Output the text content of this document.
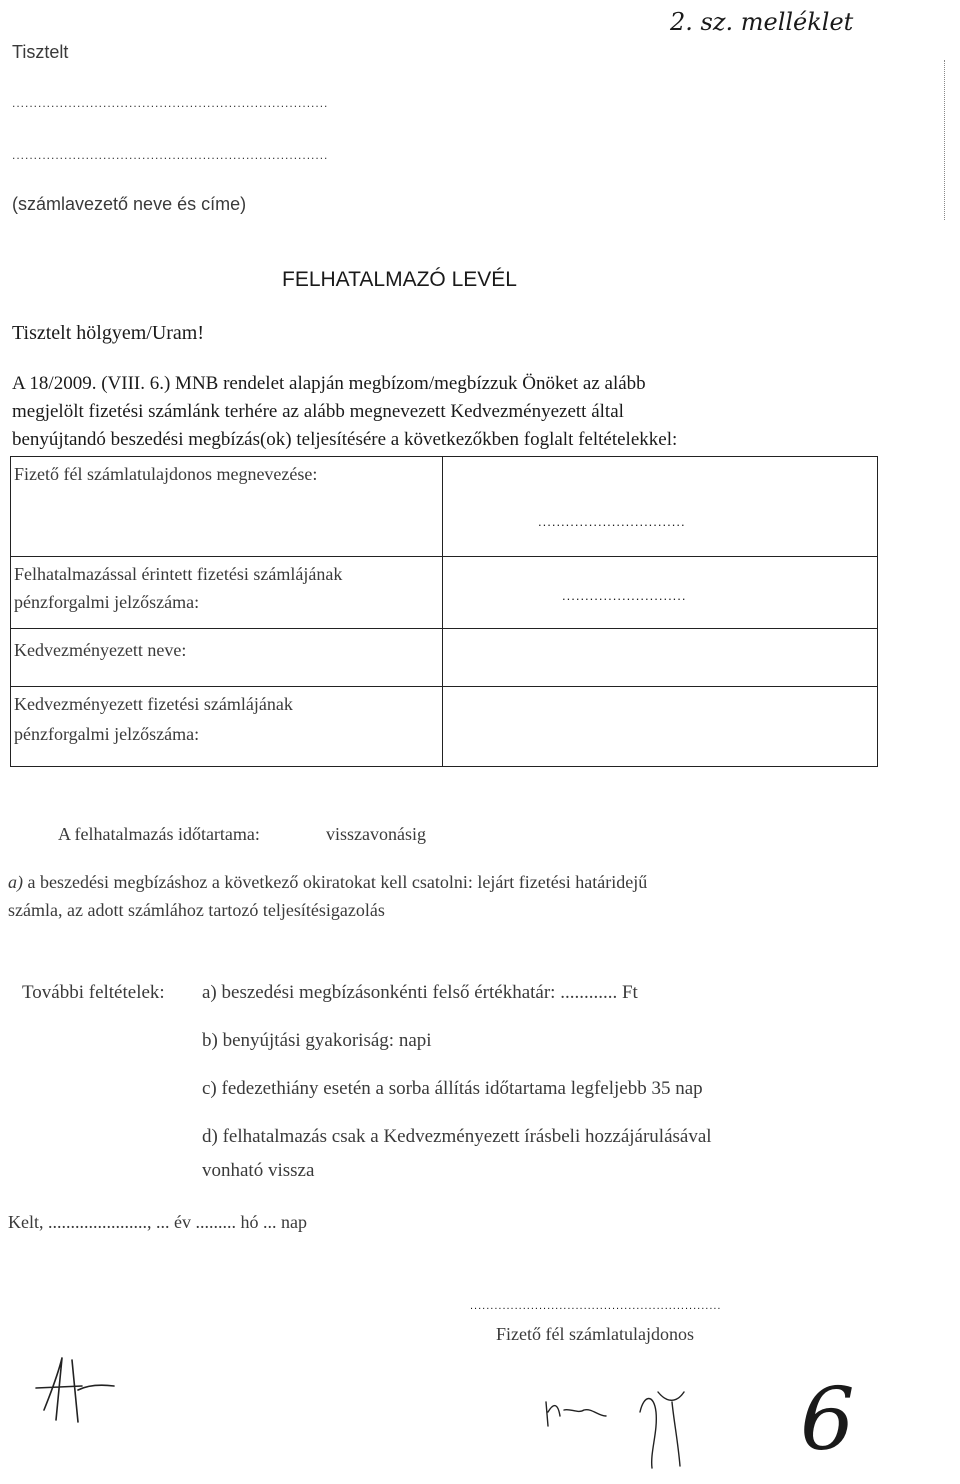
2. sz. melléklet
Tisztelt
.........................................................................
.........................................................................
(számlavezető neve és címe)
FELHATALMAZÓ LEVÉL
Tisztelt hölgyem/Uram!
A 18/2009. (VIII. 6.) MNB rendelet alapján megbízom/megbízzuk Önöket az alább
megjelölt fizetési számlánk terhére az alább megnevezett Kedvezményezett által
benyújtandó beszedési megbízás(ok) teljesítésére a következőkben foglalt feltételekkel:
Fizető fél számlatulajdonos megnevezése:
................................
Felhatalmazással érintett fizetési számlájának
pénzforgalmi jelzőszáma:	...........................
Kedvezményezett neve:
Kedvezményezett fizetési számlájának
pénzforgalmi jelzőszáma:
A felhatalmazás időtartama:	visszavonásig
a) a beszedési megbízáshoz a következő okiratokat kell csatolni: lejárt fizetési határidejű
számla, az adott számlához tartozó teljesítésigazolás
További feltételek: a) beszedési megbízásonkénti felső értékhatár: ............ Ft
b) benyújtási gyakoriság: napi
c) fedezethiány esetén a sorba állítás időtartama legfeljebb 35 nap
d) felhatalmazás csak a Kedvezményezett írásbeli hozzájárulásával
vonható vissza
Kelt, ......................, ... év ......... hó ... nap
..............................................................
Fizető fél számlatulajdonos
6
